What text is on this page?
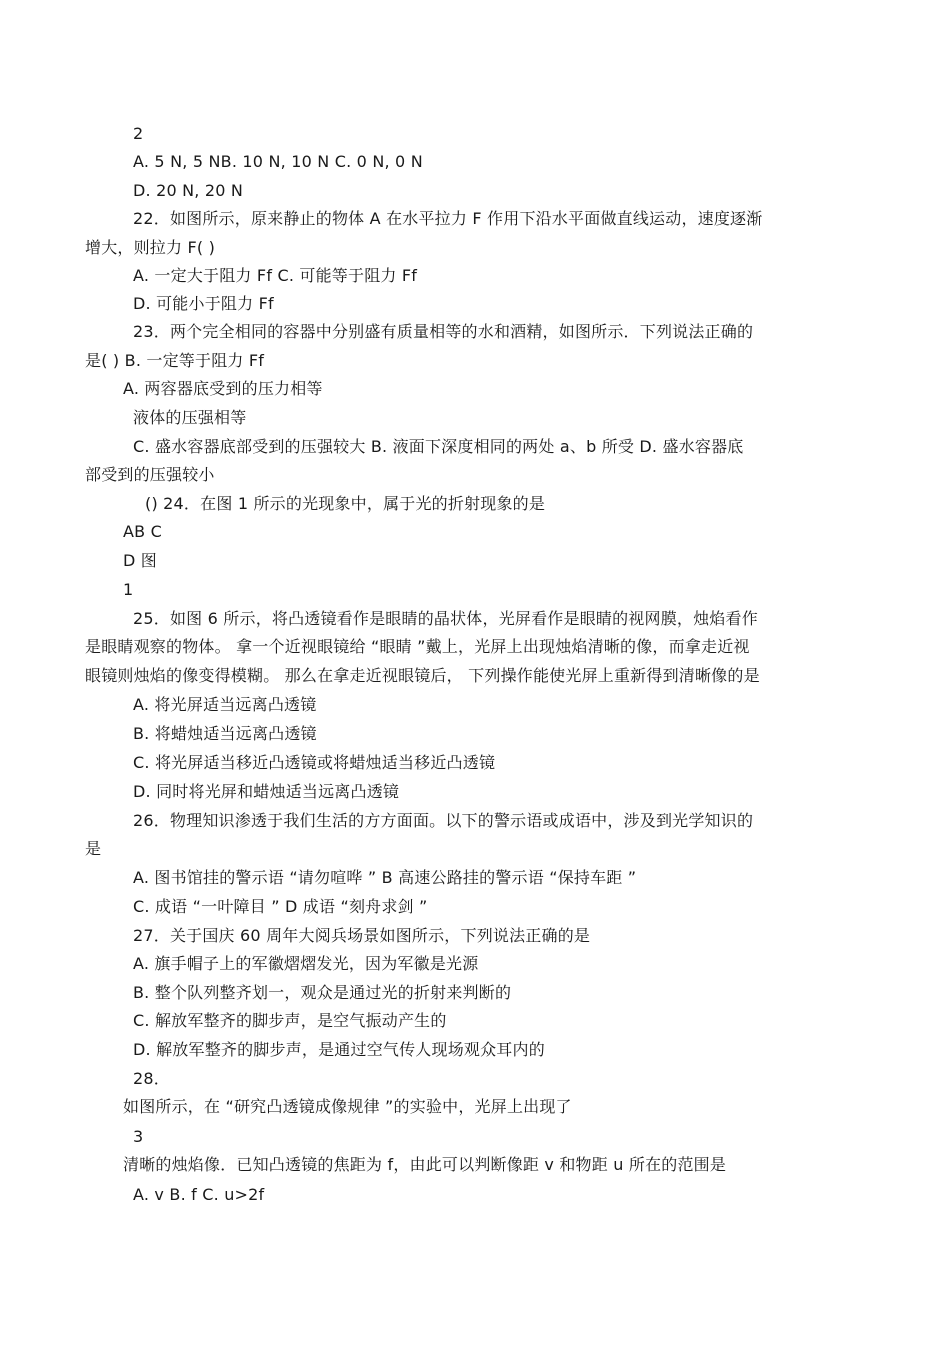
2
A. 5 N, 5 NB. 10 N, 10 N C. 0 N, 0 N
D. 20 N, 20 N
22．如图所示，原来静止的物体 A 在水平拉力 F 作用下沿水平面做直线运动，速度逐渐
增大，则拉力 F( )
A. 一定大于阻力 Ff C. 可能等于阻力 Ff
D. 可能小于阻力 Ff
23．两个完全相同的容器中分别盛有质量相等的水和酒精，如图所示．下列说法正确的
是( ) B. 一定等于阻力 Ff
A. 两容器底受到的压力相等
液体的压强相等
C. 盛水容器底部受到的压强较大 B. 液面下深度相同的两处 a、b 所受 D. 盛水容器底
部受到的压强较小
() 24．在图 1 所示的光现象中，属于光的折射现象的是
AB C
D 图
1
25．如图 6 所示，将凸透镜看作是眼睛的晶状体，光屏看作是眼睛的视网膜，烛焰看作
是眼睛观察的物体。 拿一个近视眼镜给 “眼睛 ”戴上，光屏上出现烛焰清晰的像，而拿走近视
眼镜则烛焰的像变得模糊。 那么在拿走近视眼镜后， 下列操作能使光屏上重新得到清晰像的是
A. 将光屏适当远离凸透镜
B. 将蜡烛适当远离凸透镜
C. 将光屏适当移近凸透镜或将蜡烛适当移近凸透镜
D. 同时将光屏和蜡烛适当远离凸透镜
26．物理知识渗透于我们生活的方方面面。以下的警示语或成语中，涉及到光学知识的
是
A. 图书馆挂的警示语 “请勿喧哗 ” B 高速公路挂的警示语 “保持车距 ”
C. 成语 “一叶障目 ” D 成语 “刻舟求剑 ”
27．关于国庆 60 周年大阅兵场景如图所示，下列说法正确的是
A. 旗手帽子上的军徽熠熠发光，因为军徽是光源
B. 整个队列整齐划一，观众是通过光的折射来判断的
C. 解放军整齐的脚步声，是空气振动产生的
D. 解放军整齐的脚步声，是通过空气传人现场观众耳内的
28．
如图所示，在 “研究凸透镜成像规律 ”的实验中，光屏上出现了
3
清晰的烛焰像．已知凸透镜的焦距为 f，由此可以判断像距 v 和物距 u 所在的范围是
A. v B. f C. u>2f
